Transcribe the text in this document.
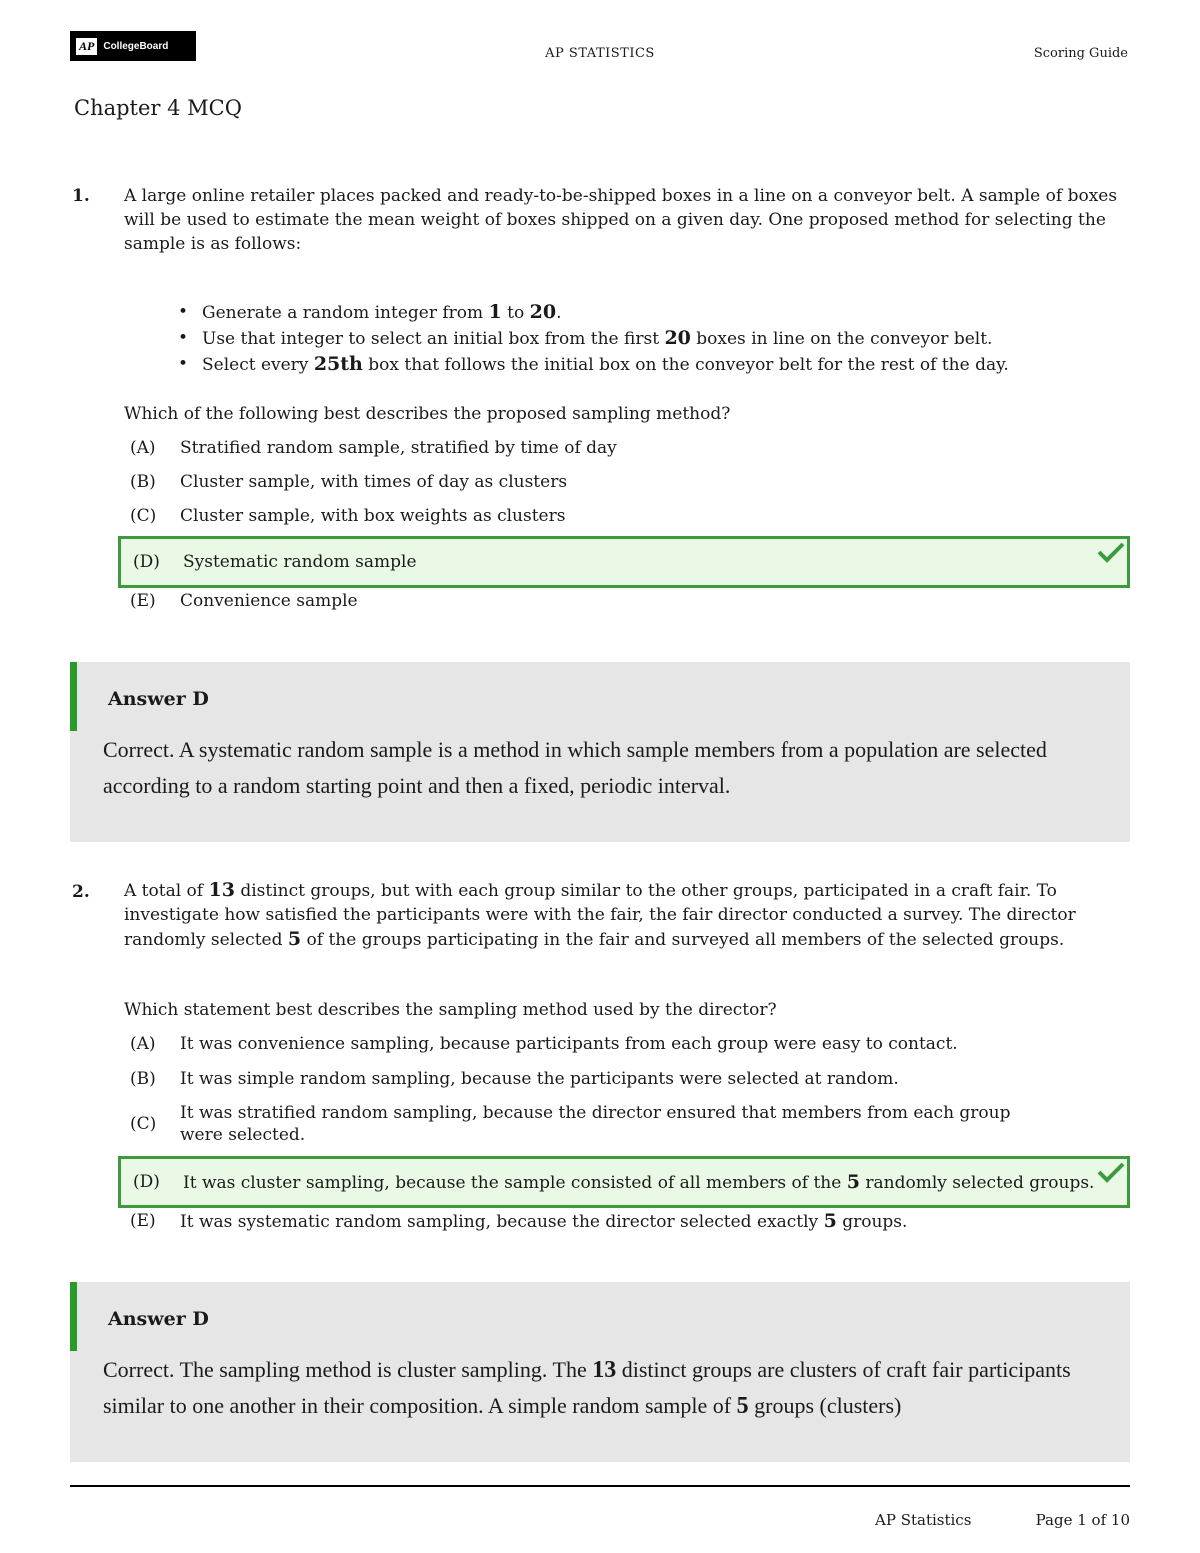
AP CollegeBoard	AP STATISTICS	Scoring Guide
Chapter 4 MCQ
1. A large online retailer places packed and ready-to-be-shipped boxes in a line on a conveyor belt. A sample of boxes will be used to estimate the mean weight of boxes shipped on a given day. One proposed method for selecting the sample is as follows:
• Generate a random integer from 1 to 20.
• Use that integer to select an initial box from the first 20 boxes in line on the conveyor belt.
• Select every 25th box that follows the initial box on the conveyor belt for the rest of the day.
Which of the following best describes the proposed sampling method?
(A)	Stratified random sample, stratified by time of day
(B)	Cluster sample, with times of day as clusters
(C)	Cluster sample, with box weights as clusters
(D)	Systematic random sample
(E)	Convenience sample
Answer D
Correct. A systematic random sample is a method in which sample members from a population are selected according to a random starting point and then a fixed, periodic interval.
2. A total of 13 distinct groups, but with each group similar to the other groups, participated in a craft fair. To investigate how satisfied the participants were with the fair, the fair director conducted a survey. The director randomly selected 5 of the groups participating in the fair and surveyed all members of the selected groups.
Which statement best describes the sampling method used by the director?
(A)	It was convenience sampling, because participants from each group were easy to contact.
(B)	It was simple random sampling, because the participants were selected at random.
(C)
It was stratified random sampling, because the director ensured that members from each group were selected.
(D)	It was cluster sampling, because the sample consisted of all members of the 5 randomly selected groups.
(E)	It was systematic random sampling, because the director selected exactly 5 groups.
Answer D
Correct. The sampling method is cluster sampling. The 13 distinct groups are clusters of craft fair participants similar to one another in their composition. A simple random sample of 5 groups (clusters)
AP Statistics	Page 1 of 10
